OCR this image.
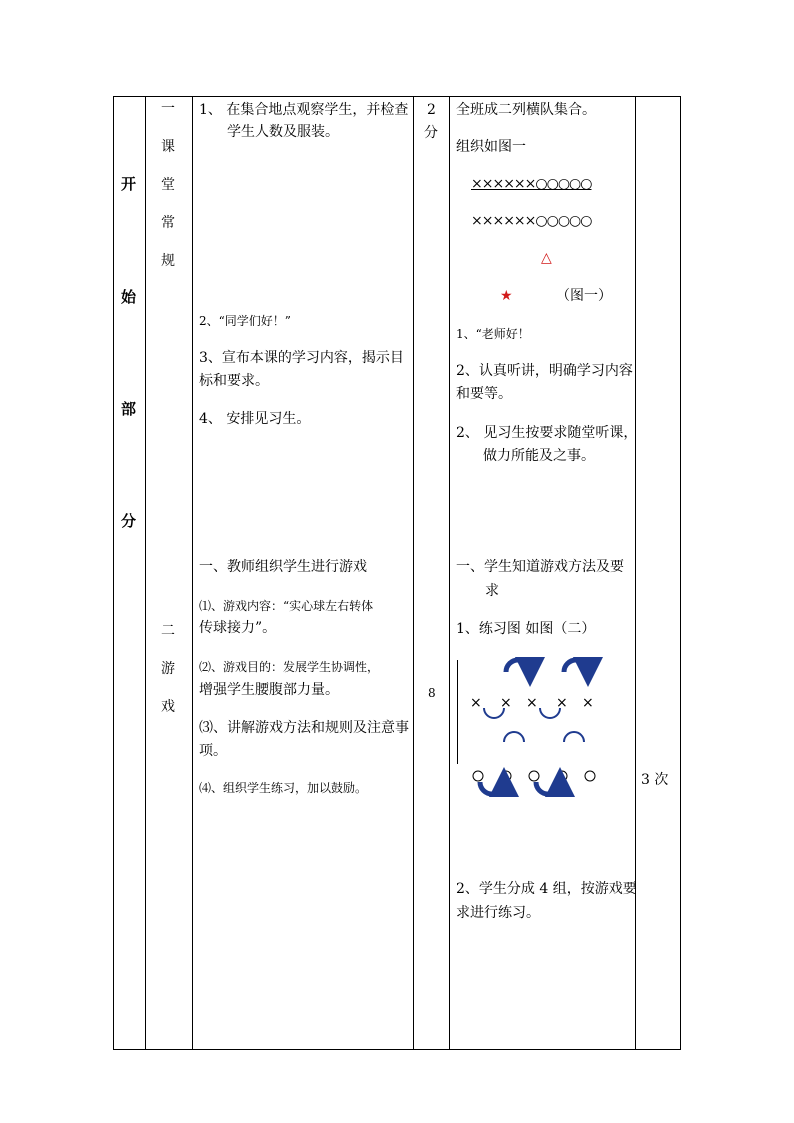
开
始
部
分
一
课
堂
常
规
二
游
戏
1、 在集合地点观察学生，并检查
学生人数及服装。
2、“同学们好！”
3、宣布本课的学习内容，揭示目
标和要求。
4、 安排见习生。
一、教师组织学生进行游戏
⑴、游戏内容：“实心球左右转体
传球接力”。
⑵、游戏目的：发展学生协调性，
增强学生腰腹部力量。
⑶、讲解游戏方法和规则及注意事
项。
⑷、组织学生练习，加以鼓励。
2
分
8
全班成二列横队集合。
组织如图一
××××××○○○○○
××××××○○○○○
△
★	（图一）
1、“老师好！
2、认真听讲，明确学习内容
和要等。
2、 见习生按要求随堂听课，
做力所能及之事。
一、学生知道游戏方法及要
求
1、练习图 如图（二）
× × × × ×
2、学生分成 4 组，按游戏要
求进行练习。
3 次
